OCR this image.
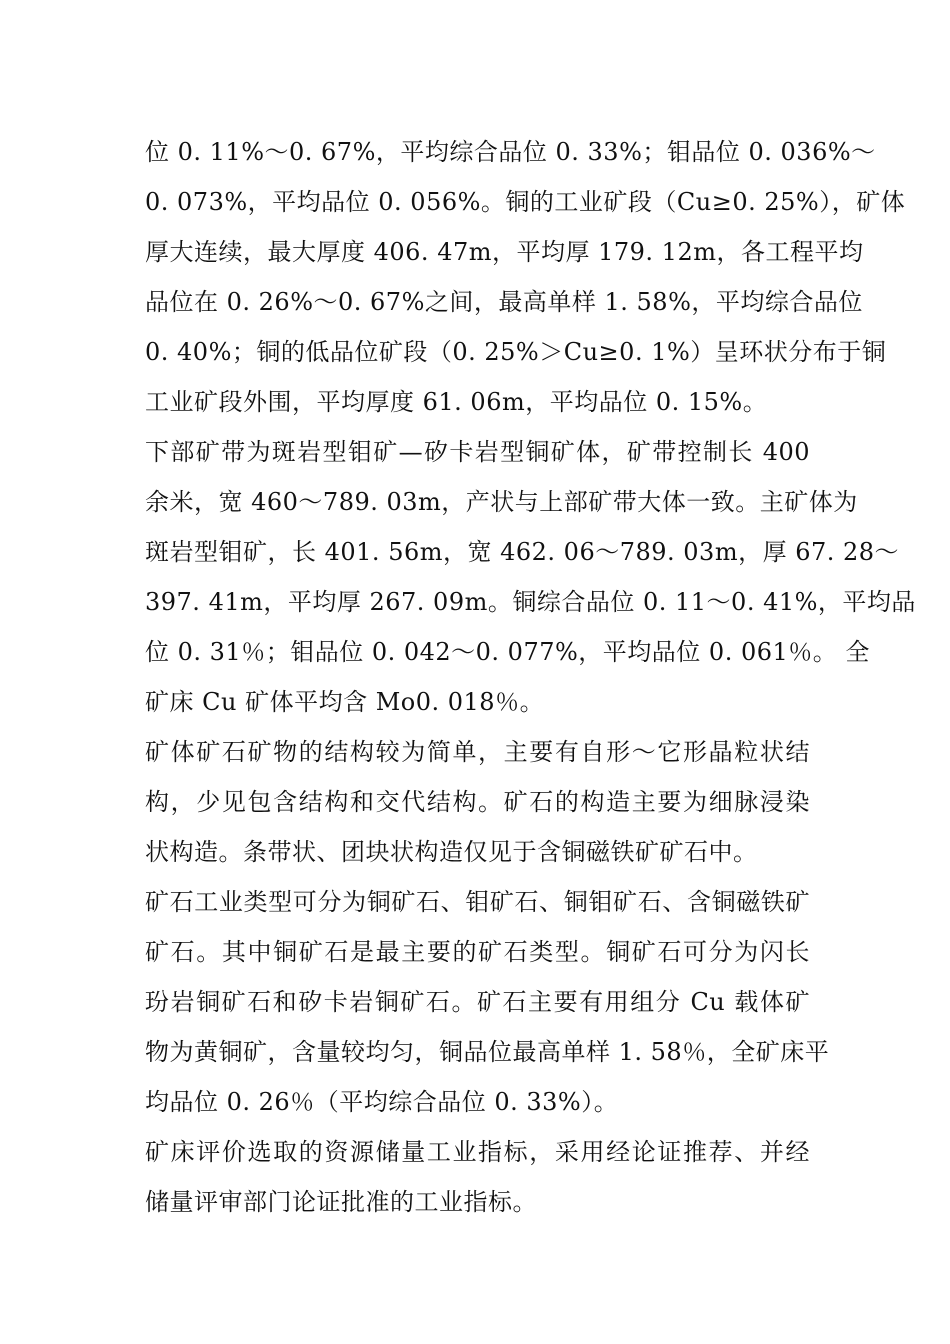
位 0. 11%～0. 67%，平均综合品位 0. 33%；钼品位 0. 036%～
0. 073%，平均品位 0. 056%。铜的工业矿段（Cu≥0. 25%），矿体
厚大连续，最大厚度 406. 47m，平均厚 179. 12m，各工程平均
品位在 0. 26%～0. 67%之间，最高单样 1. 58%，平均综合品位
0. 40%；铜的低品位矿段（0. 25%＞Cu≥0. 1%）呈环状分布于铜
工业矿段外围，平均厚度 61. 06m，平均品位 0. 15%。
下部矿带为斑岩型钼矿—矽卡岩型铜矿体，矿带控制长 400
余米，宽 460～789. 03m，产状与上部矿带大体一致。主矿体为
斑岩型钼矿，长 401. 56m，宽 462. 06～789. 03m，厚 67. 28～
397. 41m，平均厚 267. 09m。铜综合品位 0. 11～0. 41%，平均品
位 0. 31％；钼品位 0. 042～0. 077%，平均品位 0. 061％。 全
矿床 Cu 矿体平均含 Mo0. 018％。
矿体矿石矿物的结构较为简单，主要有自形～它形晶粒状结
构，少见包含结构和交代结构。矿石的构造主要为细脉浸染
状构造。条带状、团块状构造仅见于含铜磁铁矿矿石中。
矿石工业类型可分为铜矿石、钼矿石、铜钼矿石、含铜磁铁矿
矿石。其中铜矿石是最主要的矿石类型。铜矿石可分为闪长
玢岩铜矿石和矽卡岩铜矿石。矿石主要有用组分 Cu 载体矿
物为黄铜矿，含量较均匀，铜品位最高单样 1. 58％，全矿床平
均品位 0. 26％（平均综合品位 0. 33%）。
矿床评价选取的资源储量工业指标，采用经论证推荐、并经
储量评审部门论证批准的工业指标。
